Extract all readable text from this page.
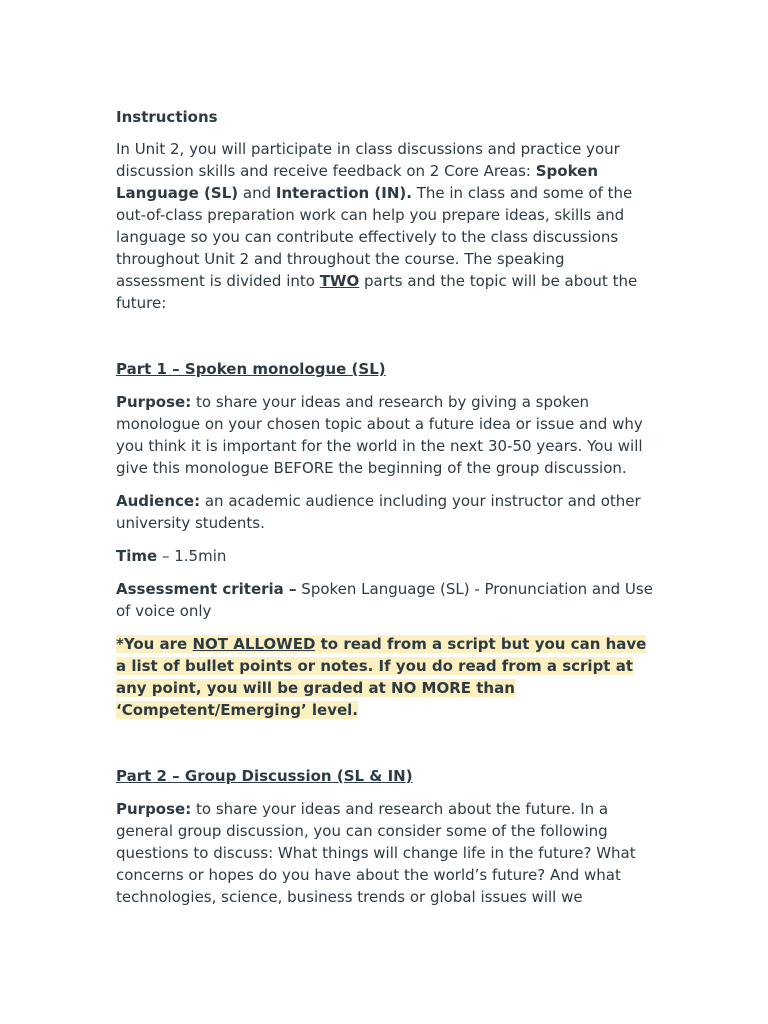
Instructions

In Unit 2, you will participate in class discussions and practice your discussion skills and receive feedback on 2 Core Areas: Spoken Language (SL) and Interaction (IN). The in class and some of the out-of-class preparation work can help you prepare ideas, skills and language so you can contribute effectively to the class discussions throughout Unit 2 and throughout the course. The speaking assessment is divided into TWO parts and the topic will be about the future:

Part 1 – Spoken monologue (SL)

Purpose: to share your ideas and research by giving a spoken monologue on your chosen topic about a future idea or issue and why you think it is important for the world in the next 30-50 years. You will give this monologue BEFORE the beginning of the group discussion.

Audience: an academic audience including your instructor and other university students.

Time – 1.5min

Assessment criteria – Spoken Language (SL) - Pronunciation and Use of voice only

*You are NOT ALLOWED to read from a script but you can have a list of bullet points or notes. If you do read from a script at any point, you will be graded at NO MORE than ‘Competent/Emerging’ level.

Part 2 – Group Discussion (SL & IN)

Purpose: to share your ideas and research about the future. In a general group discussion, you can consider some of the following questions to discuss: What things will change life in the future? What concerns or hopes do you have about the world’s future? And what technologies, science, business trends or global issues will we
